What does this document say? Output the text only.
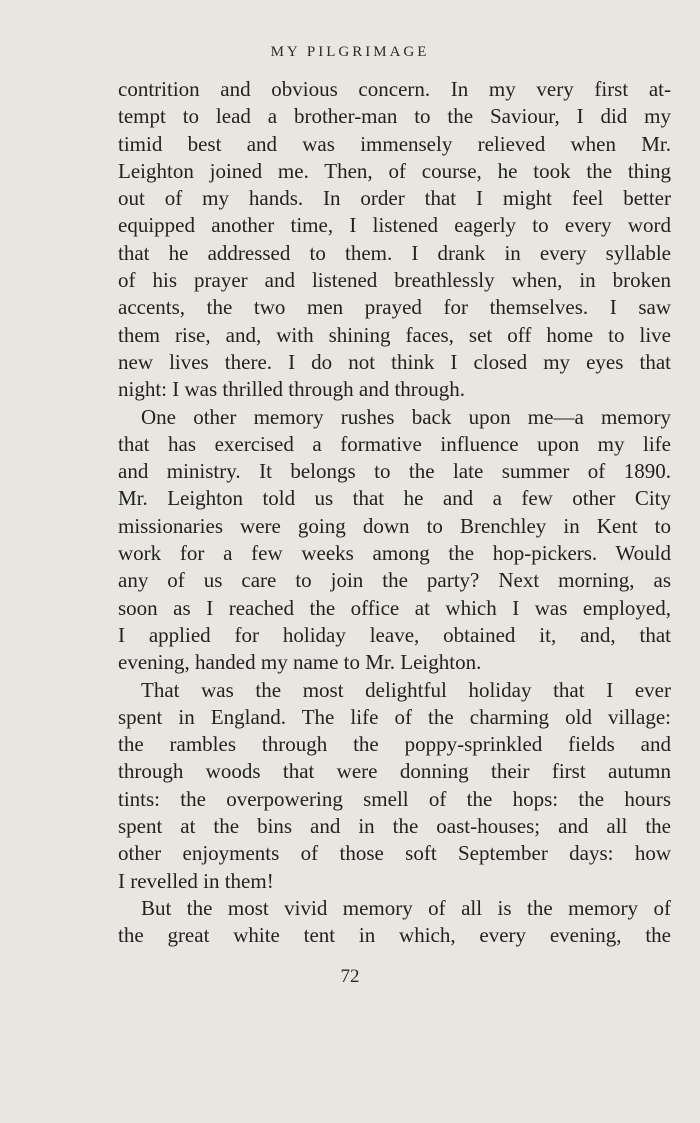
MY PILGRIMAGE

contrition and obvious concern. In my very first at-
tempt to lead a brother-man to the Saviour, I did my
timid best and was immensely relieved when Mr.
Leighton joined me. Then, of course, he took the thing
out of my hands. In order that I might feel better
equipped another time, I listened eagerly to every word
that he addressed to them. I drank in every syllable
of his prayer and listened breathlessly when, in broken
accents, the two men prayed for themselves. I saw
them rise, and, with shining faces, set off home to live
new lives there. I do not think I closed my eyes that
night: I was thrilled through and through.

One other memory rushes back upon me—a memory
that has exercised a formative influence upon my life
and ministry. It belongs to the late summer of 1890.
Mr. Leighton told us that he and a few other City
missionaries were going down to Brenchley in Kent to
work for a few weeks among the hop-pickers. Would
any of us care to join the party? Next morning, as
soon as I reached the office at which I was employed,
I applied for holiday leave, obtained it, and, that
evening, handed my name to Mr. Leighton.

That was the most delightful holiday that I ever
spent in England. The life of the charming old village:
the rambles through the poppy-sprinkled fields and
through woods that were donning their first autumn
tints: the overpowering smell of the hops: the hours
spent at the bins and in the oast-houses; and all the
other enjoyments of those soft September days: how
I revelled in them!

But the most vivid memory of all is the memory of
the great white tent in which, every evening, the

72
